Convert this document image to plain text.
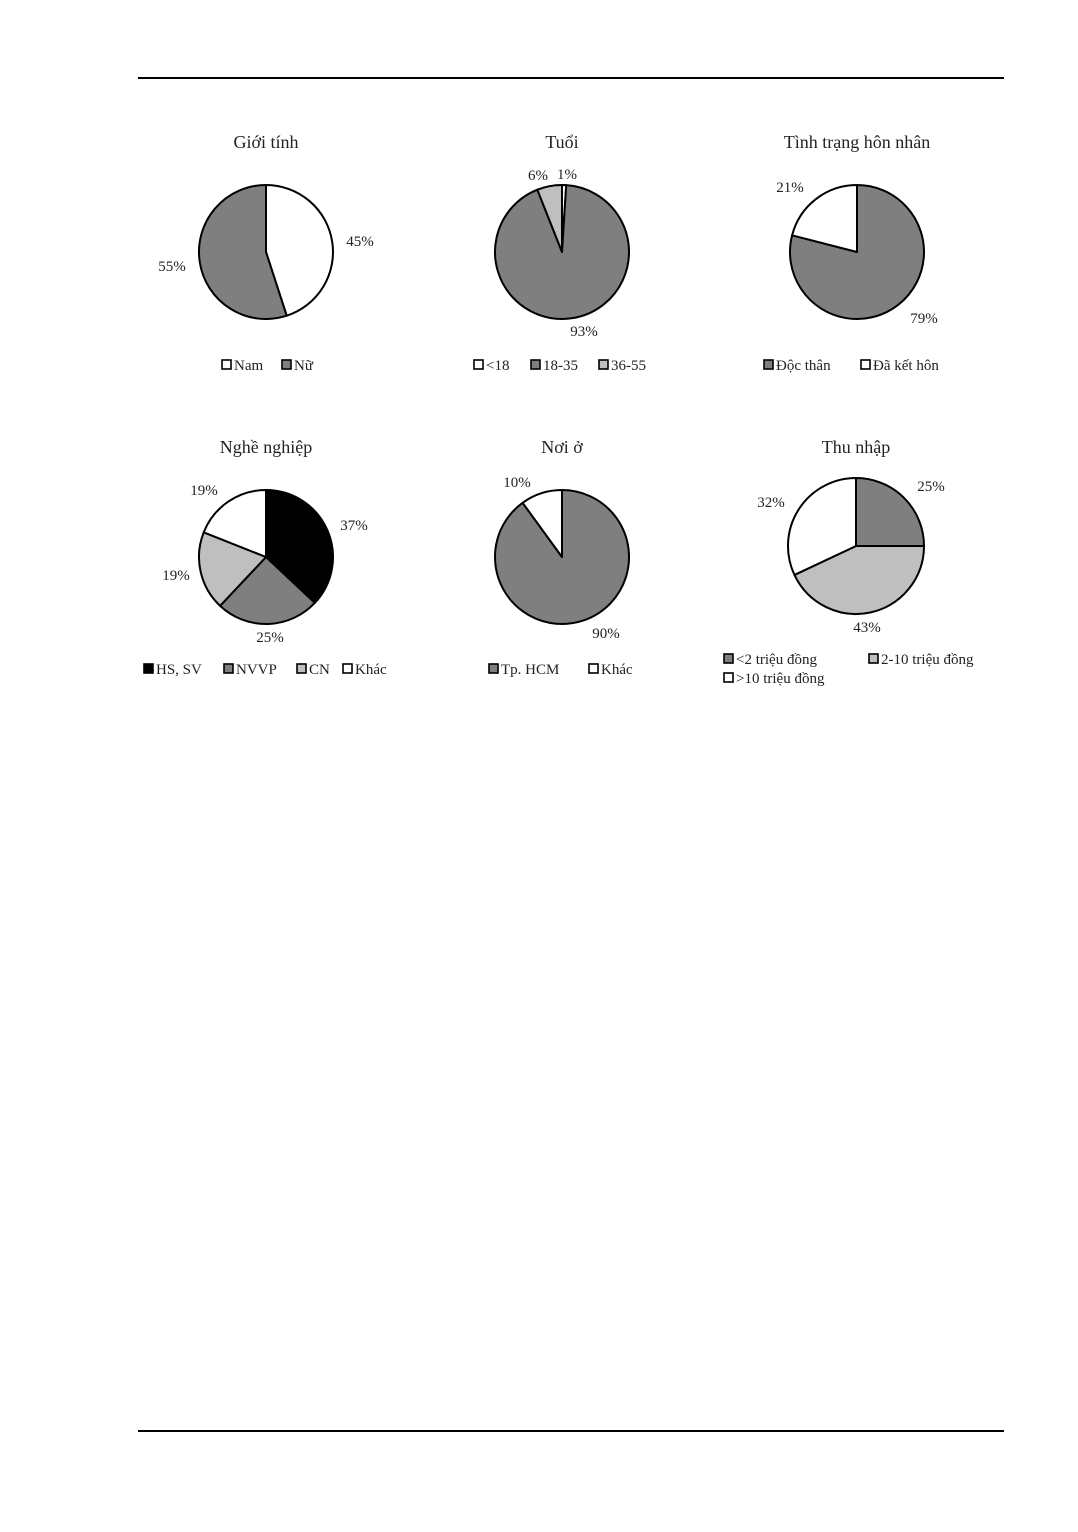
Giới tính
45%
55%
Nam Nữ
Tuổi
1%
93%
6%
<18 18-35 36-55
Tình trạng hôn nhân
79%
21%
Độc thân	Đã kết hôn
Nghề nghiệp
37%
25%
19%
19%
HS, SV NVVP CN Khác
Nơi ở
90%
10%
Tp. HCM	Khác
Thu nhập
25%
43%
32%
<2 triệu đồng	2-10 triệu đồng
>10 triệu đồng
